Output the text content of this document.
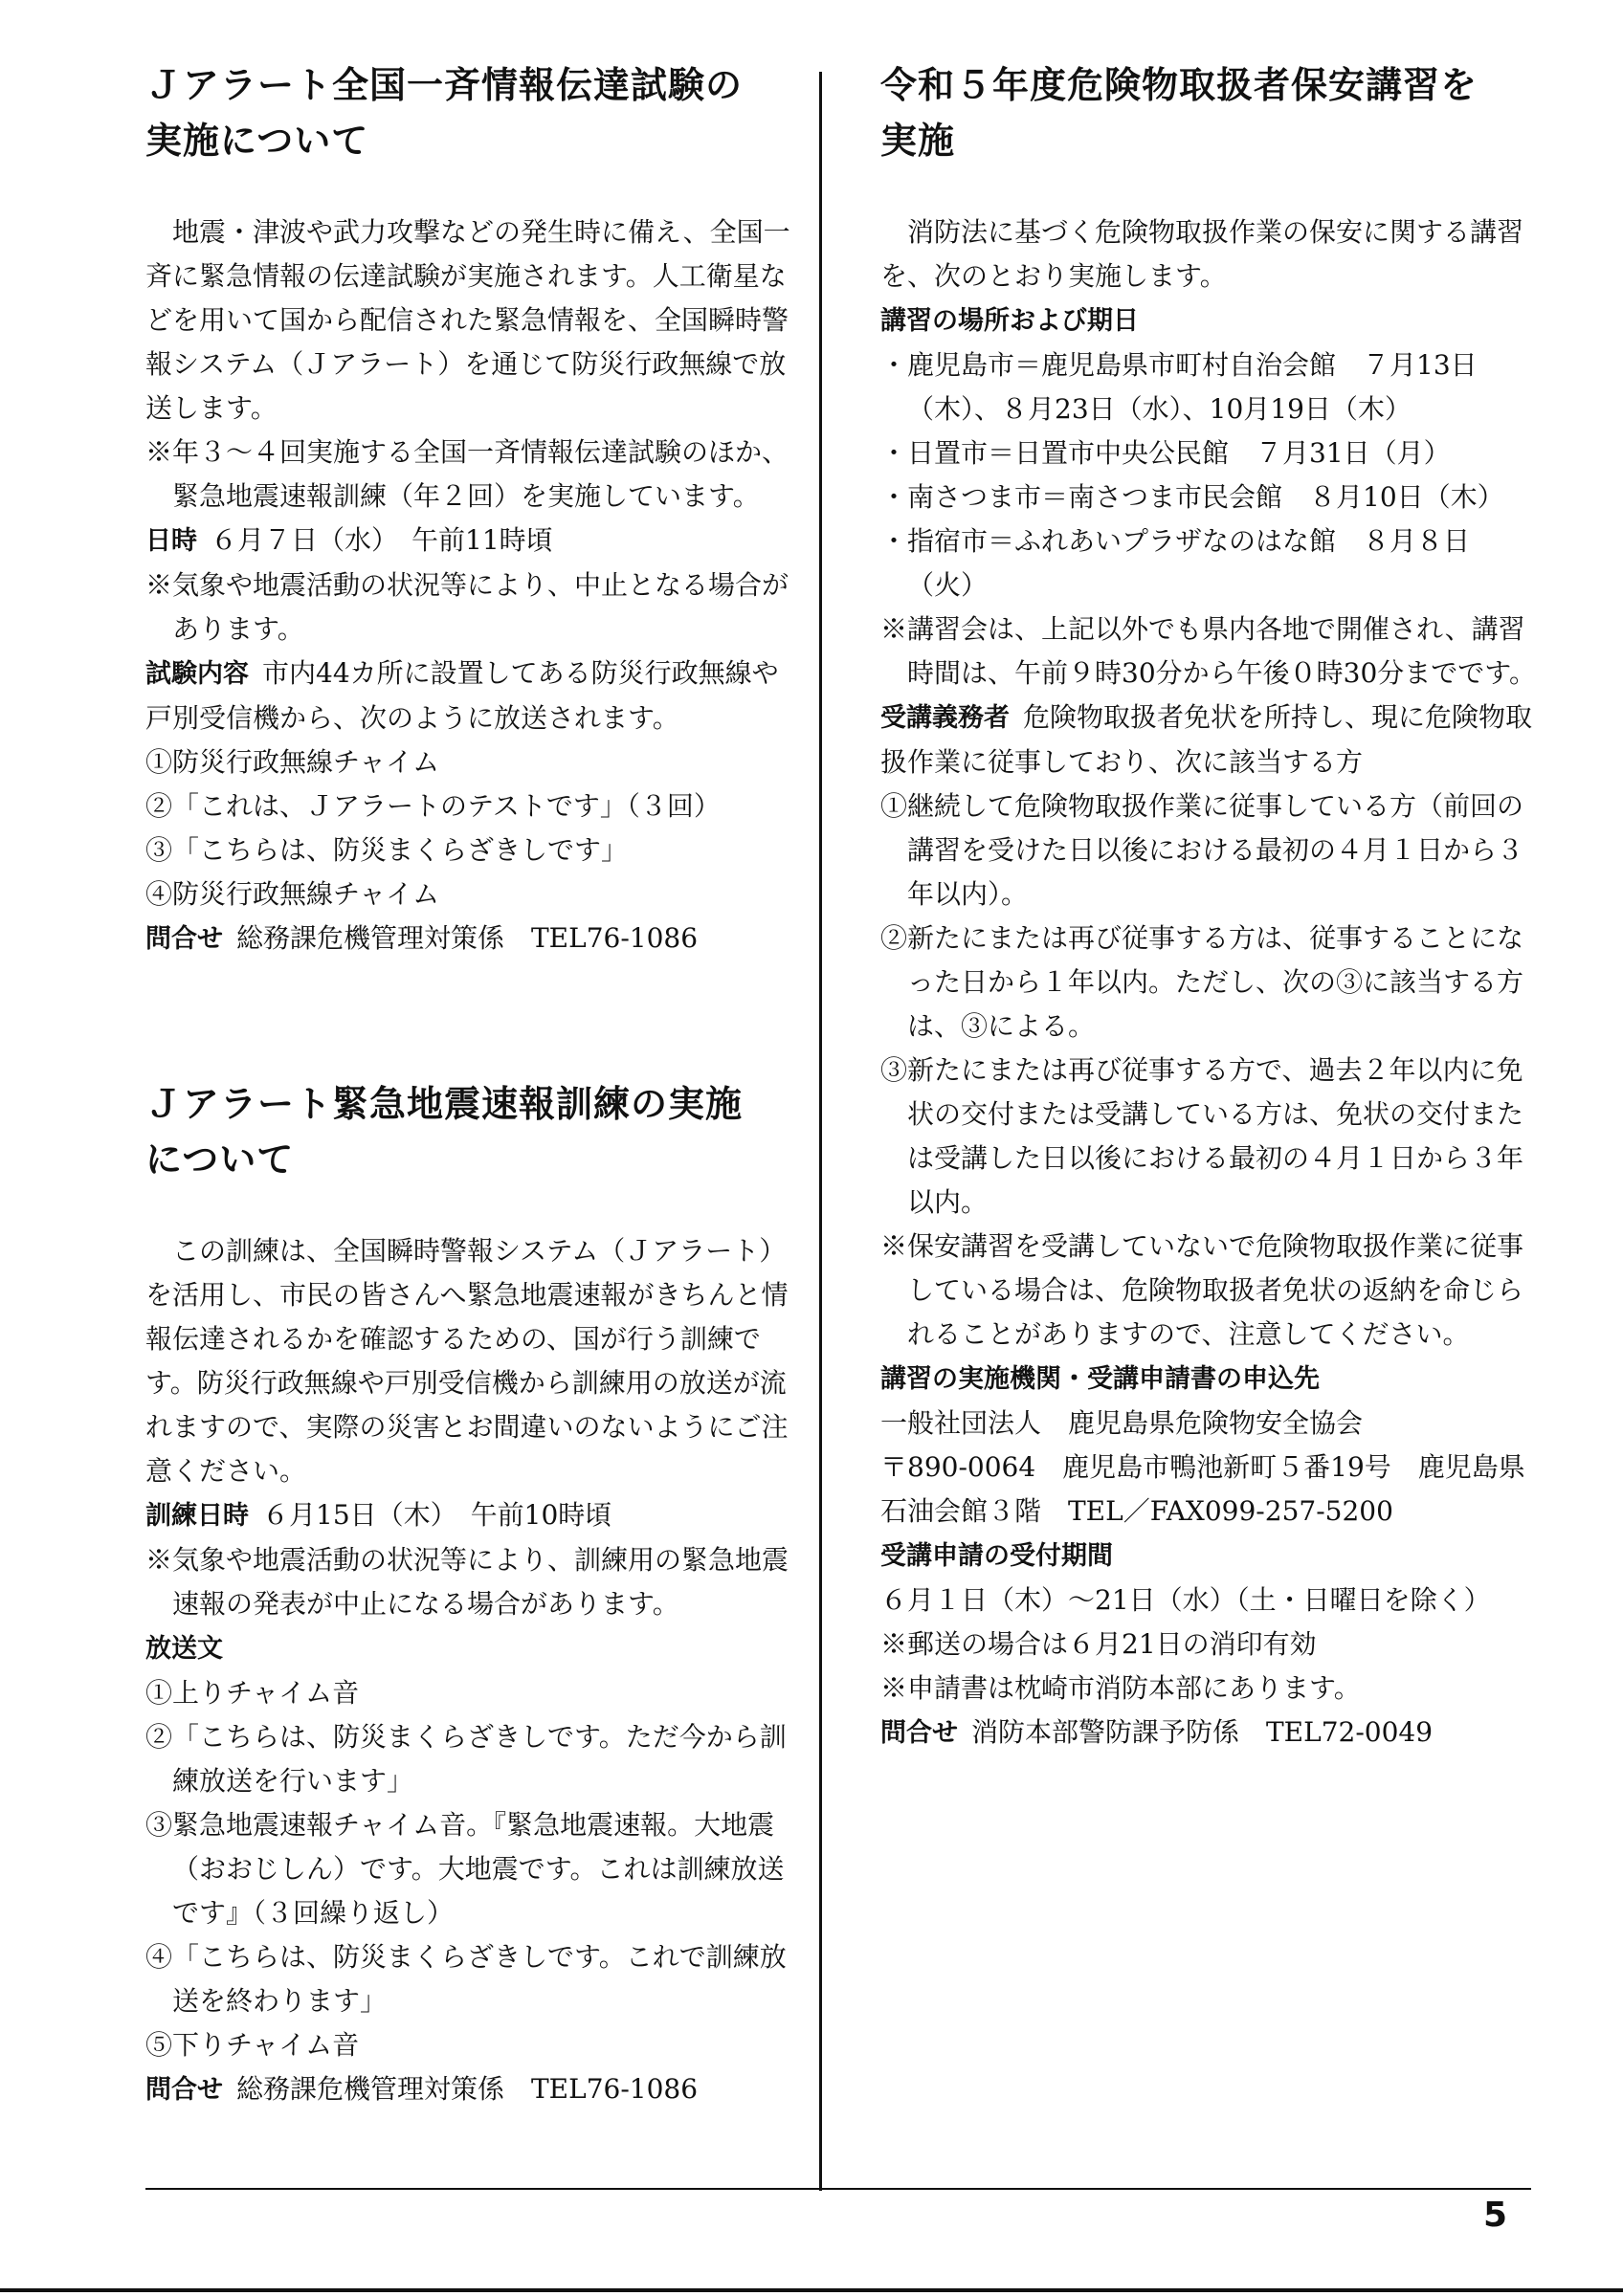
5
Ｊアラート全国一斉情報伝達試験の
実施について

地震・津波や武力攻撃などの発生時に備え、全国一斉に緊急情報の伝達試験が実施されます。人工衛星などを用いて国から配信された緊急情報を、全国瞬時警報システム（Ｊアラート）を通じて防災行政無線で放送します。

※年３～４回実施する全国一斉情報伝達試験のほか、緊急地震速報訓練（年２回）を実施しています。

日時 ６月７日（水）　午前11時頃

※気象や地震活動の状況等により、中止となる場合があります。

試験内容 市内44カ所に設置してある防災行政無線や戸別受信機から、次のように放送されます。

①防災行政無線チャイム

②「これは、Ｊアラートのテストです」（３回）

③「こちらは、防災まくらざきしです」

④防災行政無線チャイム

問合せ 総務課危機管理対策係　TEL76-1086

Ｊアラート緊急地震速報訓練の実施
について

この訓練は、全国瞬時警報システム（Ｊアラート）を活用し、市民の皆さんへ緊急地震速報がきちんと情報伝達されるかを確認するための、国が行う訓練です。防災行政無線や戸別受信機から訓練用の放送が流れますので、実際の災害とお間違いのないようにご注意ください。

訓練日時 ６月15日（木）　午前10時頃

※気象や地震活動の状況等により、訓練用の緊急地震速報の発表が中止になる場合があります。

放送文

①上りチャイム音

②「こちらは、防災まくらざきしです。ただ今から訓練放送を行います」

③緊急地震速報チャイム音。『緊急地震速報。大地震（おおじしん）です。大地震です。これは訓練放送です』（３回繰り返し）

④「こちらは、防災まくらざきしです。これで訓練放送を終わります」

⑤下りチャイム音

問合せ 総務課危機管理対策係　TEL76-1086

令和５年度危険物取扱者保安講習を
実施

消防法に基づく危険物取扱作業の保安に関する講習を、次のとおり実施します。

講習の場所および期日

・鹿児島市＝鹿児島県市町村自治会館　７月13日（木）、８月23日（水）、10月19日（木）

・日置市＝日置市中央公民館　７月31日（月）

・南さつま市＝南さつま市民会館　８月10日（木）

・指宿市＝ふれあいプラザなのはな館　８月８日（火）

※講習会は、上記以外でも県内各地で開催され、講習時間は、午前９時30分から午後０時30分までです。

受講義務者 危険物取扱者免状を所持し、現に危険物取扱作業に従事しており、次に該当する方

①継続して危険物取扱作業に従事している方（前回の講習を受けた日以後における最初の４月１日から３年以内）。

②新たにまたは再び従事する方は、従事することになった日から１年以内。ただし、次の③に該当する方は、③による。

③新たにまたは再び従事する方で、過去２年以内に免状の交付または受講している方は、免状の交付または受講した日以後における最初の４月１日から３年以内。

※保安講習を受講していないで危険物取扱作業に従事している場合は、危険物取扱者免状の返納を命じられることがありますので、注意してください。

講習の実施機関・受講申請書の申込先

一般社団法人　鹿児島県危険物安全協会

〒890-0064　鹿児島市鴨池新町５番19号　鹿児島県石油会館３階　TEL／FAX099-257-5200

受講申請の受付期間

６月１日（木）～21日（水）（土・日曜日を除く）

※郵送の場合は６月21日の消印有効

※申請書は枕崎市消防本部にあります。

問合せ 消防本部警防課予防係　TEL72-0049
